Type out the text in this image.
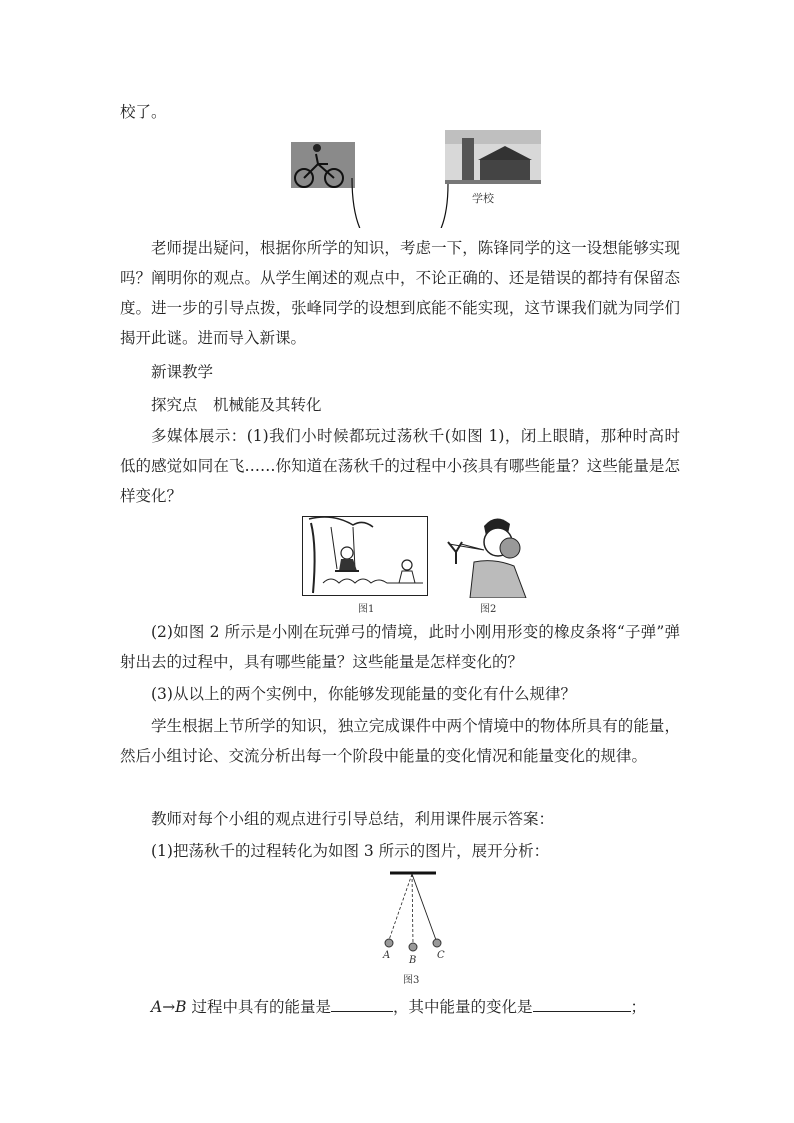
校了。

学校

老师提出疑问，根据你所学的知识，考虑一下，陈锋同学的这一设想能够实现吗？阐明你的观点。从学生阐述的观点中，不论正确的、还是错误的都持有保留态度。进一步的引导点拨，张峰同学的设想到底能不能实现，这节课我们就为同学们揭开此谜。进而导入新课。

新课教学

探究点　机械能及其转化

多媒体展示：(1)我们小时候都玩过荡秋千(如图 1)，闭上眼睛，那种时高时低的感觉如同在飞……你知道在荡秋千的过程中小孩具有哪些能量？这些能量是怎样变化？

图1	图2

(2)如图 2 所示是小刚在玩弹弓的情境，此时小刚用形变的橡皮条将“子弹”弹射出去的过程中，具有哪些能量？这些能量是怎样变化的？

(3)从以上的两个实例中，你能够发现能量的变化有什么规律？

学生根据上节所学的知识，独立完成课件中两个情境中的物体所具有的能量，然后小组讨论、交流分析出每一个阶段中能量的变化情况和能量变化的规律。

教师对每个小组的观点进行引导总结，利用课件展示答案：

(1)把荡秋千的过程转化为如图 3 所示的图片，展开分析：

A B C
图3

A→B 过程中具有的能量是	，其中能量的变化是	；
